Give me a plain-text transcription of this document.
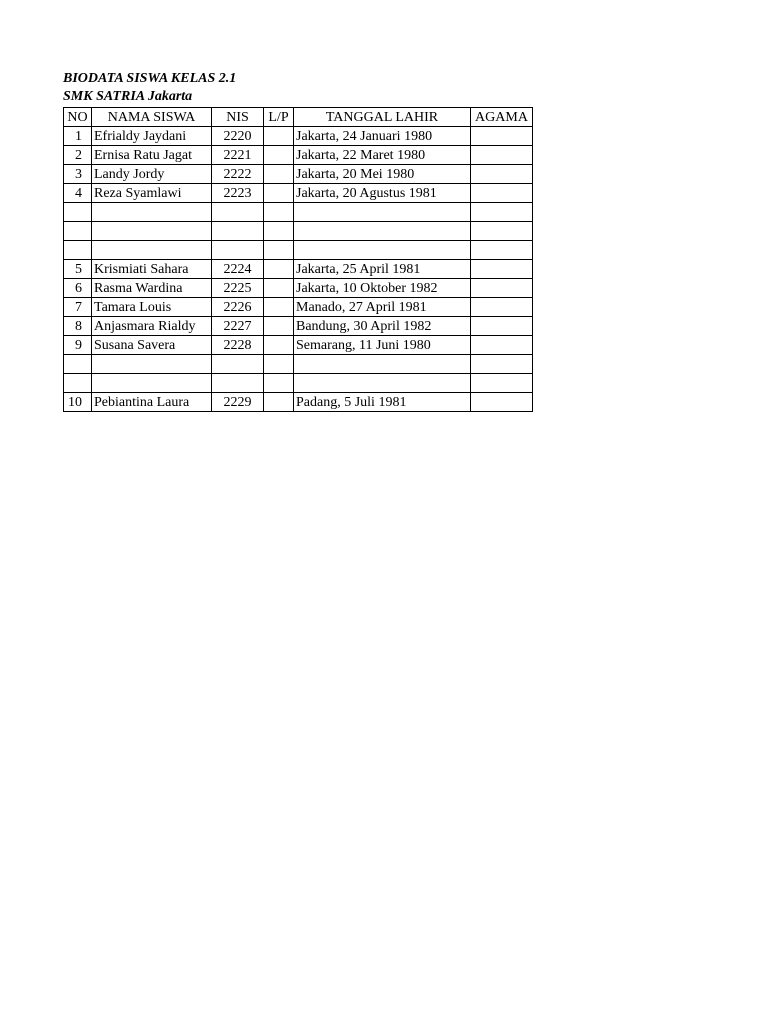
BIODATA SISWA KELAS 2.1

SMK SATRIA Jakarta

NO	NAMA SISWA	NIS	L/P	TANGGAL LAHIR	AGAMA
1	Efrialdy Jaydani	2220		Jakarta, 24 Januari 1980	
2	Ernisa Ratu Jagat	2221		Jakarta, 22 Maret 1980	
3	Landy Jordy	2222		Jakarta, 20 Mei 1980	
4	Reza Syamlawi	2223		Jakarta, 20 Agustus 1981	

5	Krismiati Sahara	2224		Jakarta, 25 April 1981	
6	Rasma Wardina	2225		Jakarta, 10 Oktober 1982	
7	Tamara Louis	2226		Manado, 27 April 1981	
8	Anjasmara Rialdy	2227		Bandung, 30 April 1982	
9	Susana Savera	2228		Semarang, 11 Juni 1980	

10	Pebiantina Laura	2229		Padang, 5 Juli 1981	
